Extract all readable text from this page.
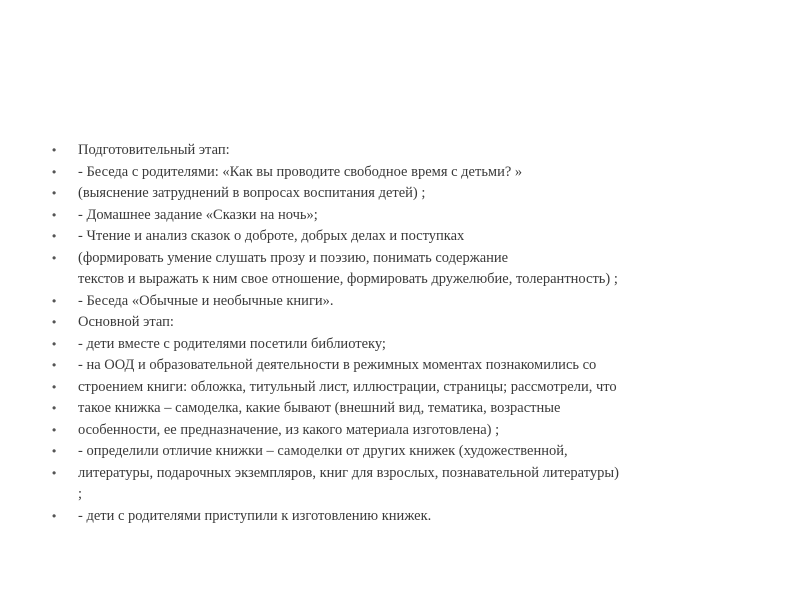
• Подготовительный этап:
• - Беседа с родителями: «Как вы проводите свободное время с детьми? »
• (выяснение затруднений в вопросах воспитания детей) ;
• - Домашнее задание «Сказки на ночь»;
• - Чтение и анализ сказок о доброте, добрых делах и поступках
• (формировать умение слушать прозу и поэзию, понимать содержание
текстов и выражать к ним свое отношение, формировать дружелюбие, толерантность) ;
• - Беседа «Обычные и необычные книги».
• Основной этап:
• - дети вместе с родителями посетили библиотеку;
• - на ООД и образовательной деятельности в режимных моментах познакомились со
• строением книги: обложка, титульный лист, иллюстрации, страницы; рассмотрели, что
• такое книжка – самоделка, какие бывают (внешний вид, тематика, возрастные
• особенности, ее предназначение, из какого материала изготовлена) ;
• - определили отличие книжки – самоделки от других книжек (художественной,
• литературы, подарочных экземпляров, книг для взрослых, познавательной литературы)
;
• - дети с родителями приступили к изготовлению книжек.
